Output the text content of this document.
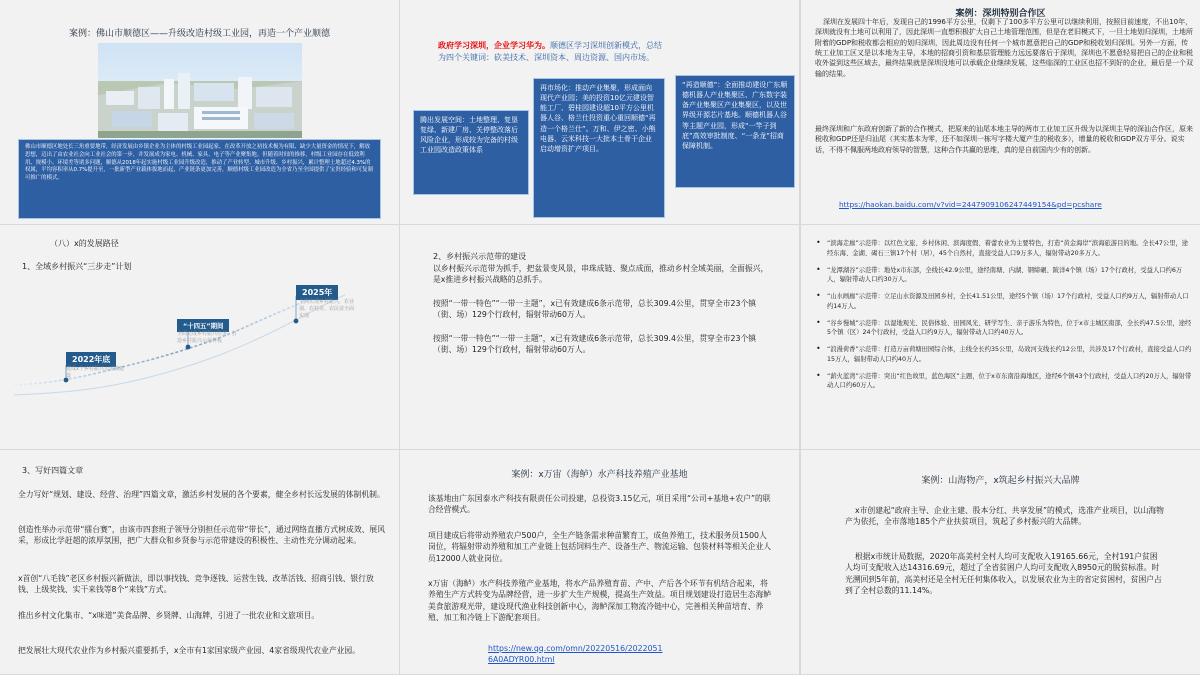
案例：佛山市顺德区——升级改造村级工业园，再造一个产业顺德
佛山市顺德区地处长三角重要地带，经济发展由乡镇企业为主体的村级工业园起家。在改革开放之初技术极为有限、缺少大量资金的情况下，解放思想，迈出了由农业社会向工业社会的第一步，并发展成为家电、机械、家具、电子等产业聚集地。但随着时间的推移，村级工业园存在低效利用、规模小、环境差等诸多问题，顺德从2018年起实施村级工业园升级改造，推动了产业转型、城市升级、乡村振兴，累计整理土地超过4.3%的权属，平均容积率从0.7%提升至，一批新型产业载体拔地而起，产业链条更加完善，顺德村级工业园改造为全省乃至全国提供了宝贵经验和可复制可推广的模式。
政府学习深圳，企业学习华为。顺德区学习深圳创新模式，总结为四个关键词：砍美技术、深圳资本、周边资源、国内市场。
腾出发展空间：土地整理、复垦复绿、新建厂房、关停整改落后风险企业，形成较为完备的村级工业园改造政策体系
再市场化：推动产业集聚，形成面向现代产业园；美的投资10亿元建设智能工厂、碧桂园建设超10平方公里机器人谷、格兰仕投资重心重回顺德“再造一个格兰仕”。万和、伊之密、小熊电器、云米科技一大批本土骨干企业启动增资扩产项目。
“再造顺德”：全面推动建设广东顺德机器人产业集聚区、广东数字装备产业集聚区产业集聚区，以及世界级开源芯片基地。顺德机器人谷等主题产业园，形成“一竿子到底”高效审批制度、“一条龙”招商保障机制。
案例：深圳特别合作区
深圳在发展四十年后，发现自己的1996平方公里，仅剩下了100多平方公里可以继续利用，按照目前速度，不出10年，深圳就没有土地可以利用了，因此深圳一直想积极扩大自己土地管理范围，但是在老旧模式下，一旦土地划归深圳，土地所附着的GDP和税收都会相应的划归深圳，因此周边没有任何一个城市愿意把自己的GDP和税收划归深圳。另外一方面，传统工业加工区又是以本地为主导，本地的招商引资和基层管理能力远远要落后于深圳，深圳也不愿意轻易把自己的企业和税收外溢到这些区域去，最终结果就是深圳没地可以承载企业继续发展，这些临深的工业区也招不到好的企业，最后是一个双输的结果。
最终深圳和广东政府创新了新的合作模式，把原来的汕尾本地主导的两市工业加工区升级为以深圳主导的深汕合作区，原来税收和GDP还是归汕尾（其实基本为零，还不如深圳一栋写字楼大厦产生的税收多），增量的税收和GDP双方平分。说实话，不得不佩服两地政府领导的智慧，这种合作共赢的思维，真的是自前国内少有的创新。
https://haokan.baidu.com/v?vid=2447909106247449154&pd=pcshare
（八）x的发展路径
1、全域乡村振兴“三步走”计划
2022年底
建成x个乡村振兴示范镇建设
“十四五”期间
全面完成乡村振兴任务，打造乡村振兴示范样板
2025年
全面实现乡村振兴，农业强、农村美、农民富全面实现
2、乡村振兴示范带的建设
以乡村振兴示范带为抓手，把盆景变风景，串珠成链、聚点成面，推动乡村全域美丽，全面振兴，是x推进乡村振兴战略的总抓手。
按照“一带一特色”“一带一主题”，x已有效建成6条示范带，总长309.4公里，贯穿全市23个镇（街、场）129个行政村，辐射带动60万人。
按照“一带一特色”“一带一主题”，x已有效建成6条示范带，总长309.4公里，贯穿全市23个镇（街、场）129个行政村，辐射带动60万人。
• “滨海走廊”示范带：以红色文旅、乡村休闲、滨海度假、着蕾农业为主要特色，打造“黄金海岸”滨海旅游目的地。全长47公里，途经东海、金湖、碣石三镇17个村（居），45个自然村，直接受益人口9万多人，辐射带动20多万人。
• “龙潭湖谷”示范带：地处x市东部，全线长42.9公里，途经南塘、内湖、钢缔碾、陂洋4个镇（场）17个行政村，受益人口约6万人，辐射带动人口约30万人。
• “山水画廊”示范带：立足山水资源及田园乡村，全长41.51公里，途经5个镇（场）17个行政村，受益人口约9万人，辐射带动人口约14万人。
• “谷乡慢城”示范带：以湿地观光、民俗体验、田园风光、研学写生、亲子游乐为特色，位于x市主城区南部，全长约47.5公里，途经5个镇（区）24个行政村，受益人口约9万人，辐射带动人口约40万人。
• “浪漫荷香”示范带：打造万亩荷塘田园综合体，主线全长约35公里，岛效河支线长约12公里，共涉及17个行政村，直接受益人口约15万人，辐射带动人口约40万人。
• “薪火蓝湾”示范带：突出“红色故里，蓝色海区”主题，位于x市东南沿海地区，途经6个镇43个行政村，受益人口约20万人，辐射带动人口约60万人。
3、写好四篇文章
全力写好“规划、建设、经营、治理”四篇文章，激活乡村发展的各个要素，健全乡村长远发展的体制机制。
创造性举办示范带“擂台赛”，由该市四套班子领导分别担任示范带“带长”，通过网络直播方式树成效、展风采，形成比学赶超的浓厚氛围，把广大群众和乡贤参与示范带建设的积极性、主动性充分调动起来。
x首创“八毛钱”老区乡村振兴新做法，即以事找钱、竞争逐钱、运营生钱、改革活钱、招商引钱、银行放钱、上级奖钱、实干来钱等8个“来钱”方式。
推出乡村文化集市、“x味道”美食品牌、乡贤牌、山海牌，引进了一批农业和文旅项目。
把发展壮大现代农业作为乡村振兴重要抓手，x全市有1家国家级产业园、4家省级现代农业产业园。
案例：x万宙（海鲈）水产科技养殖产业基地
该基地由广东国泰水产科技有限责任公司投建，总投资3.15亿元，项目采用“公司+基地+农户”的联合经营模式。
项目建成后将带动养殖农户500户，全生产链条需求种苗繁育工，成鱼养殖工，技术服务员1500人岗位，将辐射带动养殖和加工产业链上包括饲料生产、设备生产、物流运输、包装材料等相关企业人员12000人就业岗位。
x万宙（海鲈）水产科技养殖产业基地，将水产品养殖育苗、产中、产后各个环节有机结合起来，将养殖生产方式转变为品牌经营，进一步扩大生产规模，提高生产效益。项目规划建设打造居生态海鲈美食旅游观光带，建设现代渔业科技创新中心，海鲈深加工物流冷链中心，完善相关种苗培育、养殖、加工和冷链上下游配套项目。
https://new.qq.com/omn/20220516/2022051
6A0ADYR00.html
案例：山海物产，x筑起乡村振兴大品牌
x市创建起“政府主导、企业主建、股本分红、共享发展”的模式，选准产业项目，以山海物产为依托，全市落地185个产业扶贫项目，筑起了乡村振兴的大品牌。
根据x市统计局数据，2020年高美村全村人均可支配收入19165.66元，全村191户贫困人均可支配收入达14316.69元，超过了全省贫困户人均可支配收入8950元的脱贫标准。时光溯回到5年前，高美村还是全村无任何集体收入，以发展农业为主的省定贫困村，贫困户占到了全村总数的11.14%。
